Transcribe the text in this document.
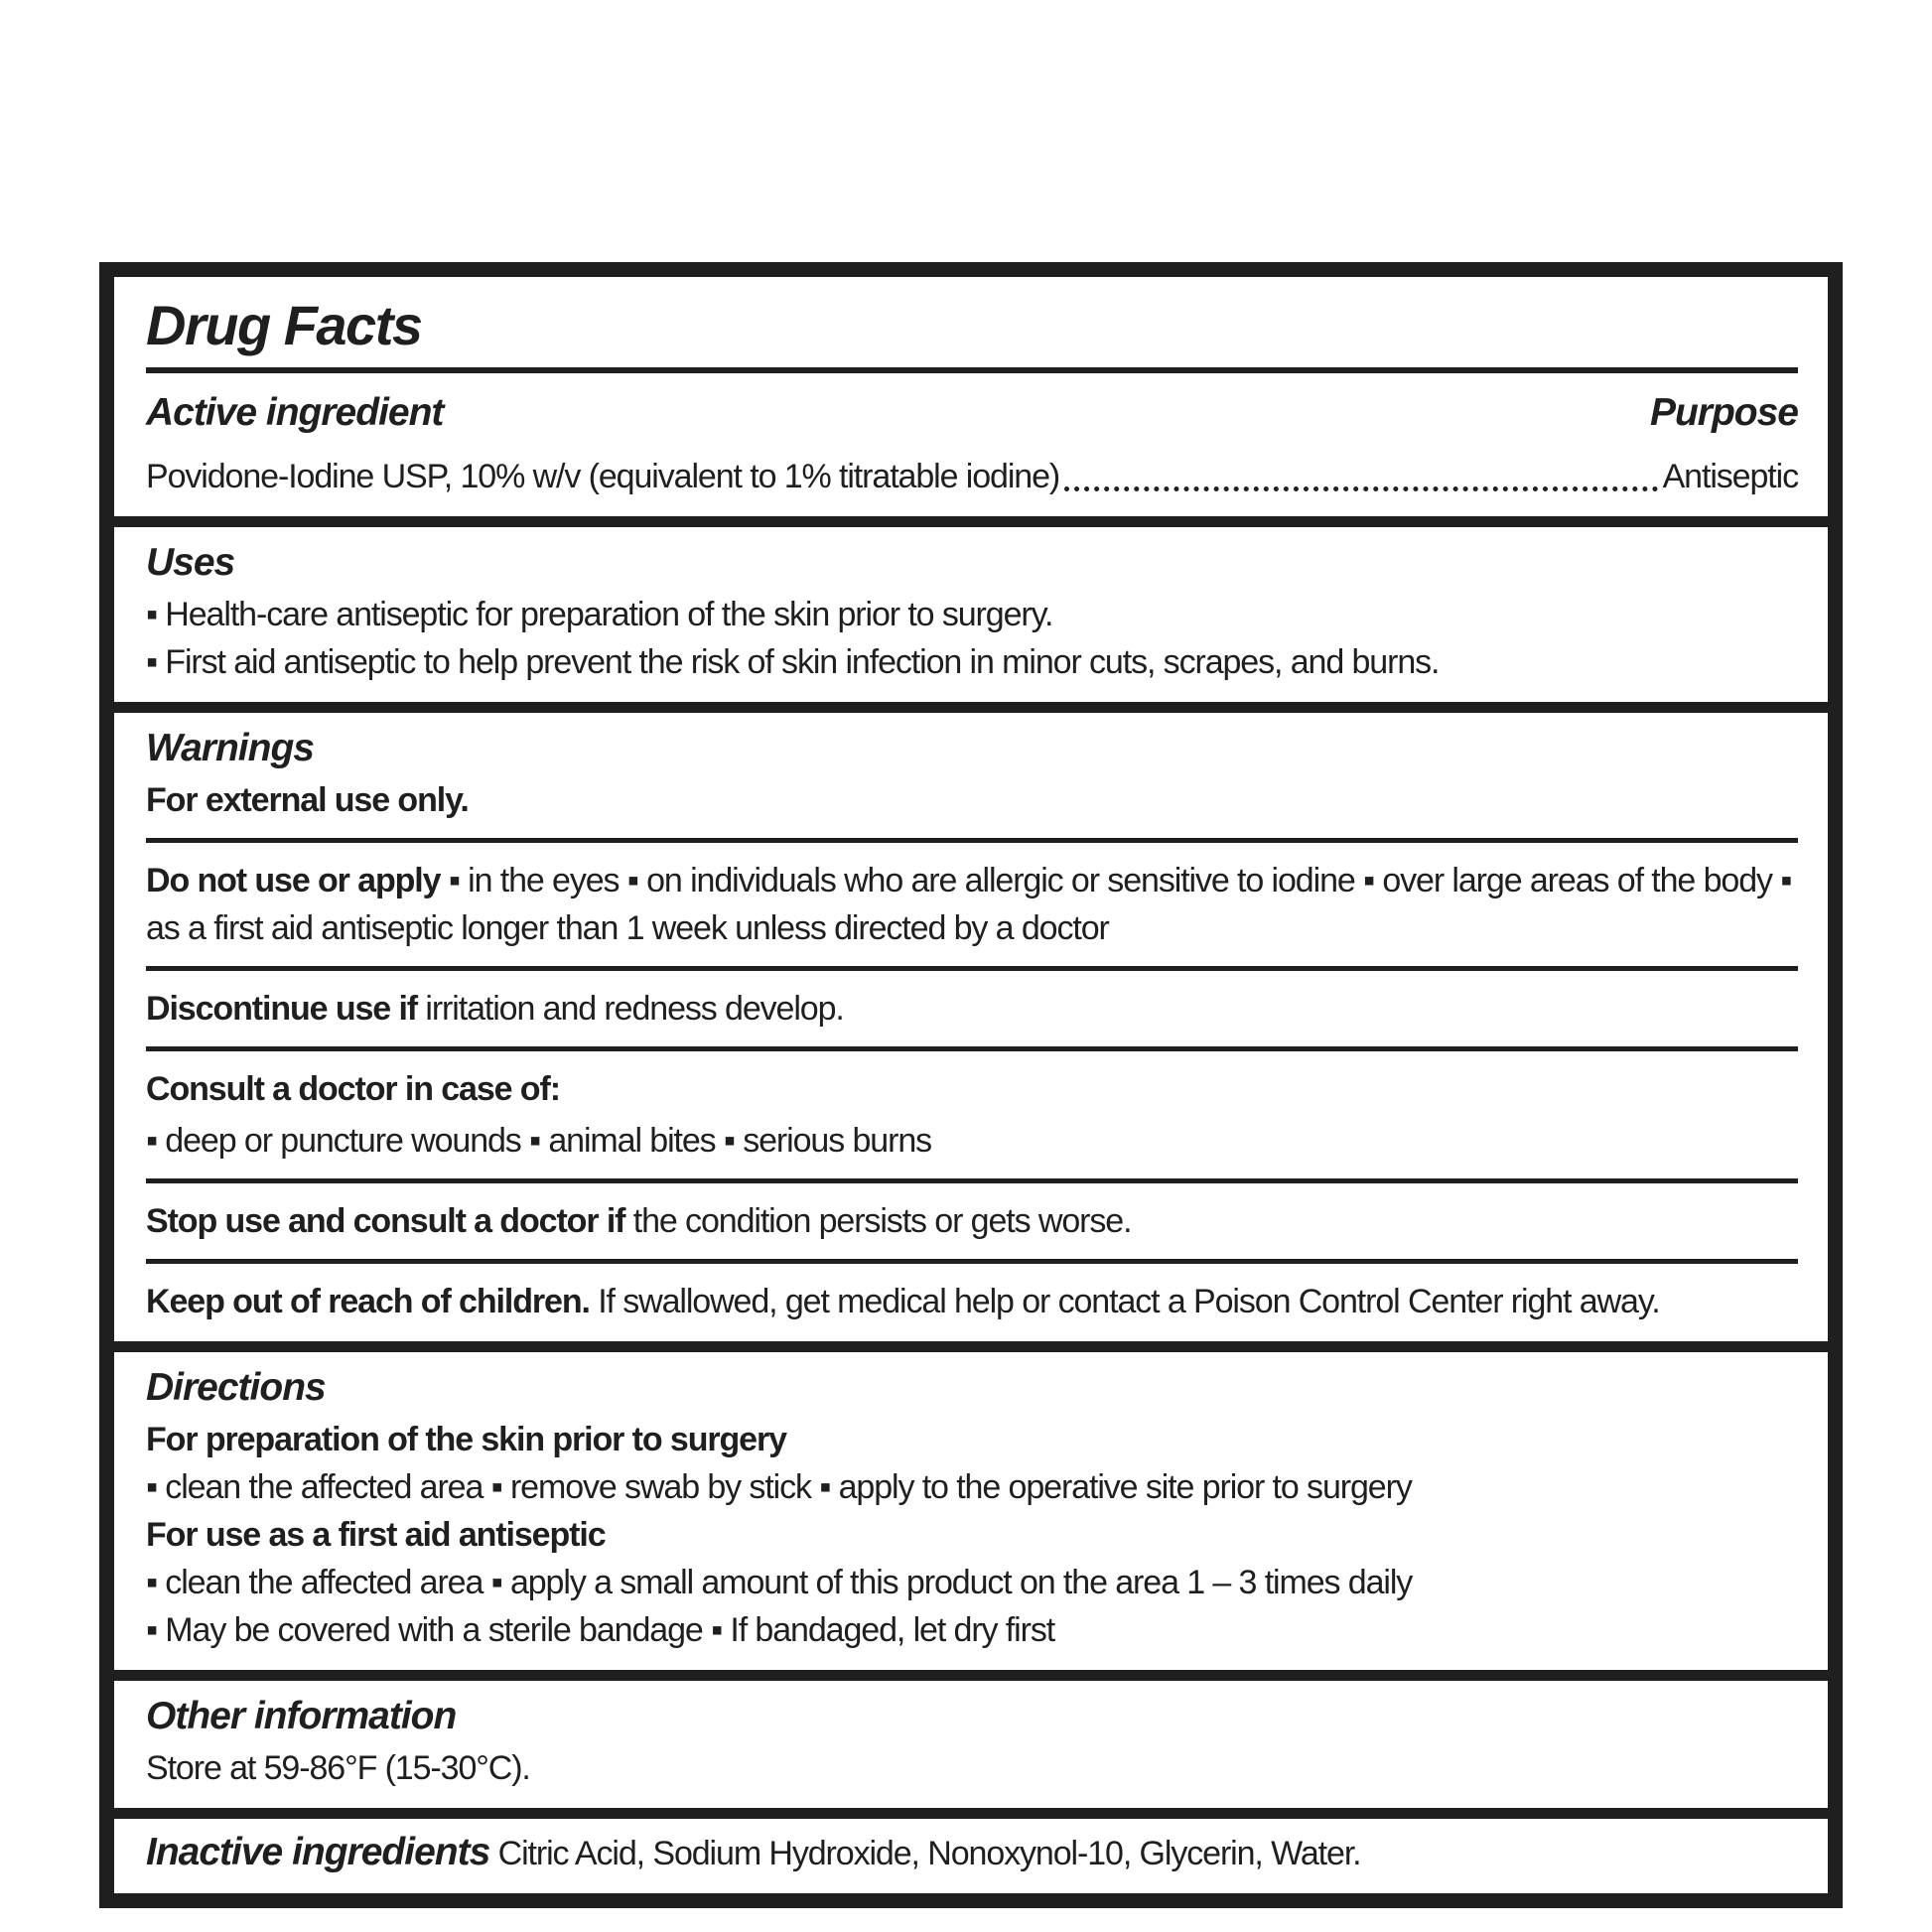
Drug Facts
Active ingredient	Purpose
Povidone-Iodine USP, 10% w/v (equivalent to 1% titratable iodine)	Antiseptic
Uses
▪ Health-care antiseptic for preparation of the skin prior to surgery.
▪ First aid antiseptic to help prevent the risk of skin infection in minor cuts, scrapes, and burns.
Warnings
For external use only.
Do not use or apply ▪ in the eyes ▪ on individuals who are allergic or sensitive to iodine ▪ over large areas of the body ▪ as a first aid antiseptic longer than 1 week unless directed by a doctor
Discontinue use if irritation and redness develop.
Consult a doctor in case of:
▪ deep or puncture wounds ▪ animal bites ▪ serious burns
Stop use and consult a doctor if the condition persists or gets worse.
Keep out of reach of children. If swallowed, get medical help or contact a Poison Control Center right away.
Directions
For preparation of the skin prior to surgery
▪ clean the affected area ▪ remove swab by stick ▪ apply to the operative site prior to surgery
For use as a first aid antiseptic
▪ clean the affected area ▪ apply a small amount of this product on the area 1 – 3 times daily
▪ May be covered with a sterile bandage ▪ If bandaged, let dry first
Other information
Store at 59-86°F (15-30°C).
Inactive ingredients Citric Acid, Sodium Hydroxide, Nonoxynol-10, Glycerin, Water.
